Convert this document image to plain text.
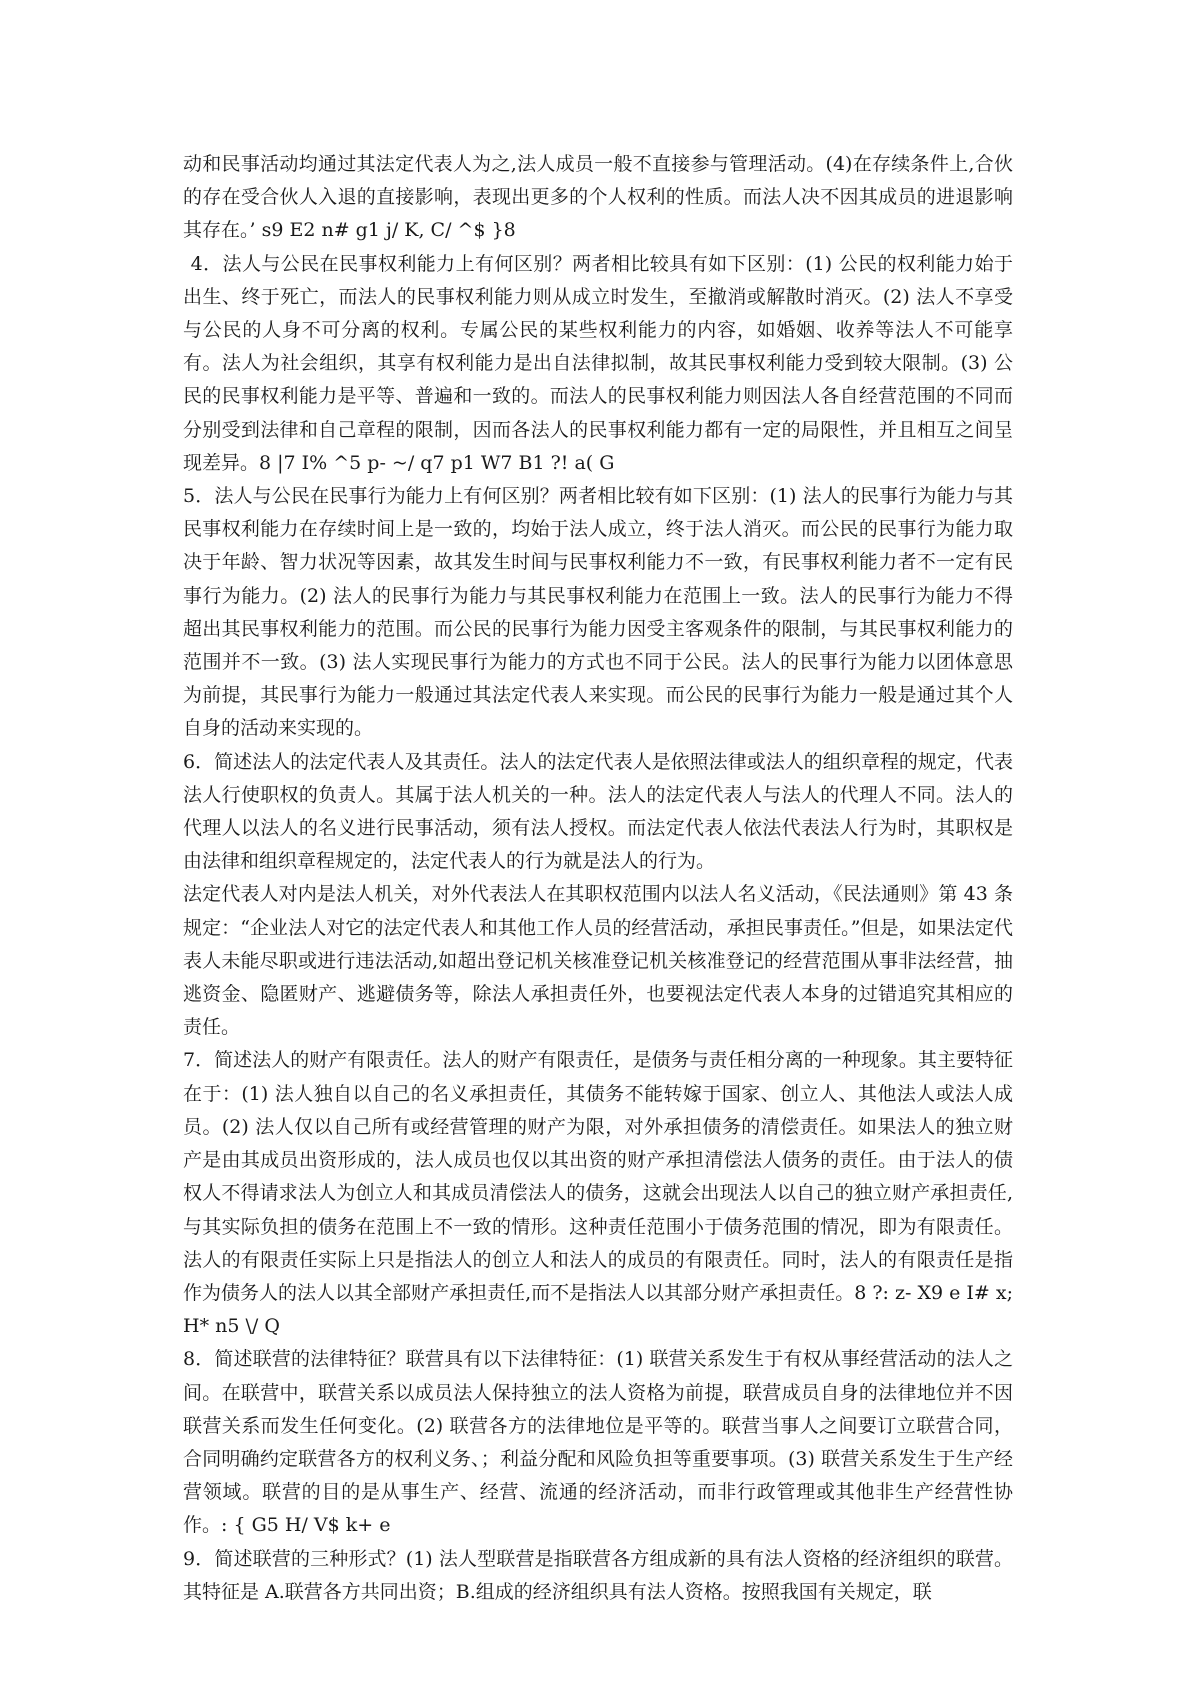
动和民事活动均通过其法定代表人为之,法人成员一般不直接参与管理活动。(4)在存续条件上,合伙的存在受合伙人入退的直接影响，表现出更多的个人权利的性质。而法人决不因其成员的进退影响其存在。’ s9 E2 n# g1 j/ K, C/ ^$ }8

4．法人与公民在民事权利能力上有何区别？两者相比较具有如下区别：(1) 公民的权利能力始于出生、终于死亡，而法人的民事权利能力则从成立时发生，至撤消或解散时消灭。(2) 法人不享受与公民的人身不可分离的权利。专属公民的某些权利能力的内容，如婚姻、收养等法人不可能享有。法人为社会组织，其享有权利能力是出自法律拟制，故其民事权利能力受到较大限制。(3) 公民的民事权利能力是平等、普遍和一致的。而法人的民事权利能力则因法人各自经营范围的不同而分别受到法律和自己章程的限制，因而各法人的民事权利能力都有一定的局限性，并且相互之间呈现差异。8 |7 I% ^5 p- ~/ q7 p1 W7 B1 ?! a( G

5．法人与公民在民事行为能力上有何区别？两者相比较有如下区别：(1) 法人的民事行为能力与其民事权利能力在存续时间上是一致的，均始于法人成立，终于法人消灭。而公民的民事行为能力取决于年龄、智力状况等因素，故其发生时间与民事权利能力不一致，有民事权利能力者不一定有民事行为能力。(2) 法人的民事行为能力与其民事权利能力在范围上一致。法人的民事行为能力不得超出其民事权利能力的范围。而公民的民事行为能力因受主客观条件的限制，与其民事权利能力的范围并不一致。(3) 法人实现民事行为能力的方式也不同于公民。法人的民事行为能力以团体意思为前提，其民事行为能力一般通过其法定代表人来实现。而公民的民事行为能力一般是通过其个人自身的活动来实现的。

6．简述法人的法定代表人及其责任。法人的法定代表人是依照法律或法人的组织章程的规定，代表法人行使职权的负责人。其属于法人机关的一种。法人的法定代表人与法人的代理人不同。法人的代理人以法人的名义进行民事活动，须有法人授权。而法定代表人依法代表法人行为时，其职权是由法律和组织章程规定的，法定代表人的行为就是法人的行为。

法定代表人对内是法人机关，对外代表法人在其职权范围内以法人名义活动，《民法通则》第 43 条规定：“企业法人对它的法定代表人和其他工作人员的经营活动，承担民事责任。”但是，如果法定代表人未能尽职或进行违法活动,如超出登记机关核准登记机关核准登记的经营范围从事非法经营，抽逃资金、隐匿财产、逃避债务等，除法人承担责任外，也要视法定代表人本身的过错追究其相应的责任。

7．简述法人的财产有限责任。法人的财产有限责任，是债务与责任相分离的一种现象。其主要特征在于：(1) 法人独自以自己的名义承担责任，其债务不能转嫁于国家、创立人、其他法人或法人成员。(2) 法人仅以自己所有或经营管理的财产为限，对外承担债务的清偿责任。如果法人的独立财产是由其成员出资形成的，法人成员也仅以其出资的财产承担清偿法人债务的责任。由于法人的债权人不得请求法人为创立人和其成员清偿法人的债务，这就会出现法人以自己的独立财产承担责任,与其实际负担的债务在范围上不一致的情形。这种责任范围小于债务范围的情况，即为有限责任。法人的有限责任实际上只是指法人的创立人和法人的成员的有限责任。同时，法人的有限责任是指作为债务人的法人以其全部财产承担责任,而不是指法人以其部分财产承担责任。8 ?: z- X9 e I# x; H* n5 \/ Q

8．简述联营的法律特征？联营具有以下法律特征：(1) 联营关系发生于有权从事经营活动的法人之间。在联营中，联营关系以成员法人保持独立的法人资格为前提，联营成员自身的法律地位并不因联营关系而发生任何变化。(2) 联营各方的法律地位是平等的。联营当事人之间要订立联营合同，合同明确约定联营各方的权利义务、；利益分配和风险负担等重要事项。(3) 联营关系发生于生产经营领域。联营的目的是从事生产、经营、流通的经济活动，而非行政管理或其他非生产经营性协作。: { G5 H/ V$ k+ e

9．简述联营的三种形式？(1) 法人型联营是指联营各方组成新的具有法人资格的经济组织的联营。其特征是 A.联营各方共同出资；B.组成的经济组织具有法人资格。按照我国有关规定，联
